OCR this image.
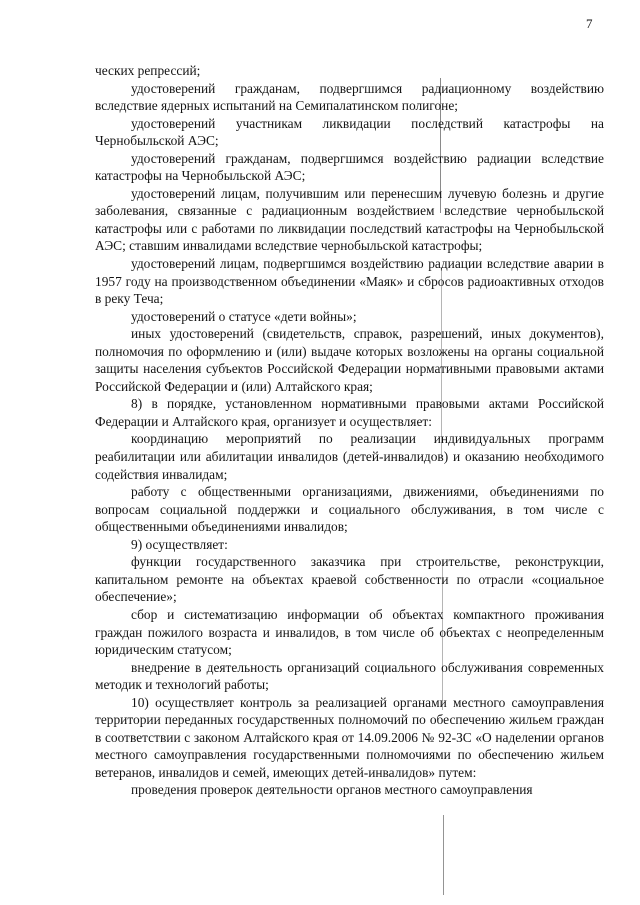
7

ческих репрессий;

удостоверений гражданам, подвергшимся радиационному воздействию вследствие ядерных испытаний на Семипалатинском полигоне;

удостоверений участникам ликвидации последствий катастрофы на Чернобыльской АЭС;

удостоверений гражданам, подвергшимся воздействию радиации вследствие катастрофы на Чернобыльской АЭС;

удостоверений лицам, получившим или перенесшим лучевую болезнь и другие заболевания, связанные с радиационным воздействием вследствие чернобыльской катастрофы или с работами по ликвидации последствий катастрофы на Чернобыльской АЭС; ставшим инвалидами вследствие чернобыльской катастрофы;

удостоверений лицам, подвергшимся воздействию радиации вследствие аварии в 1957 году на производственном объединении «Маяк» и сбросов радиоактивных отходов в реку Теча;

удостоверений о статусе «дети войны»;

иных удостоверений (свидетельств, справок, разрешений, иных документов), полномочия по оформлению и (или) выдаче которых возложены на органы социальной защиты населения субъектов Российской Федерации нормативными правовыми актами Российской Федерации и (или) Алтайского края;

8) в порядке, установленном нормативными правовыми актами Российской Федерации и Алтайского края, организует и осуществляет:

координацию мероприятий по реализации индивидуальных программ реабилитации или абилитации инвалидов (детей-инвалидов) и оказанию необходимого содействия инвалидам;

работу с общественными организациями, движениями, объединениями по вопросам социальной поддержки и социального обслуживания, в том числе с общественными объединениями инвалидов;

9) осуществляет:

функции государственного заказчика при строительстве, реконструкции, капитальном ремонте на объектах краевой собственности по отрасли «социальное обеспечение»;

сбор и систематизацию информации об объектах компактного проживания граждан пожилого возраста и инвалидов, в том числе об объектах с неопределенным юридическим статусом;

внедрение в деятельность организаций социального обслуживания современных методик и технологий работы;

10) осуществляет контроль за реализацией органами местного самоуправления территории переданных государственных полномочий по обеспечению жильем граждан в соответствии с законом Алтайского края от 14.09.2006 № 92-ЗС «О наделении органов местного самоуправления государственными полномочиями по обеспечению жильем ветеранов, инвалидов и семей, имеющих детей-инвалидов» путем:

проведения проверок деятельности органов местного самоуправления
